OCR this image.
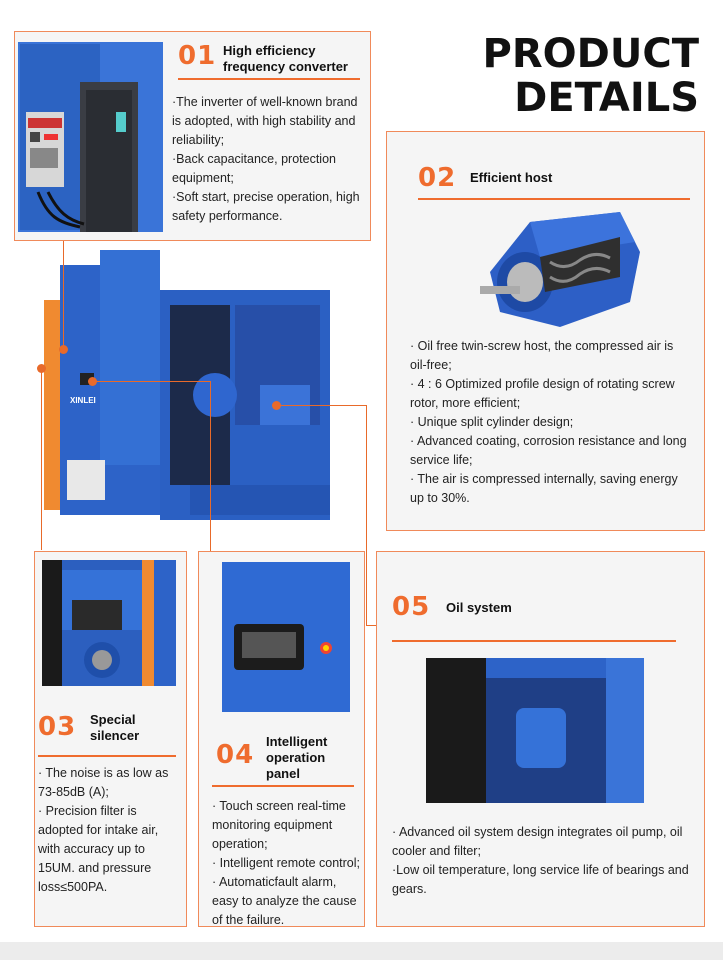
PRODUCT
DETAILS
01 High efficiency
frequency converter

·The inverter of well-known brand is adopted, with high stability and reliability;

·Back capacitance, protection equipment;

·Soft start, precise operation, high safety performance.

02 Efficient host

· Oil free twin-screw host, the compressed air is oil-free;

· 4 : 6 Optimized profile design of rotating screw rotor, more efficient;

· Unique split cylinder design;

· Advanced coating, corrosion resistance and long service life;

· The air is compressed internally, saving energy up to 30%.

XINLEI
03 Special
silencer

· The noise is as low as 73-85dB (A);

· Precision filter is adopted for intake air, with accuracy up to 15UM. and pressure loss≤500PA.

04 Intelligent
operation
panel

· Touch screen real-time monitoring equipment operation;

· Intelligent remote control;

· Automaticfault alarm, easy to analyze the cause of the failure.

05 Oil system

· Advanced oil system design integrates oil pump, oil cooler and filter;

·Low oil temperature, long service life of bearings and gears.
